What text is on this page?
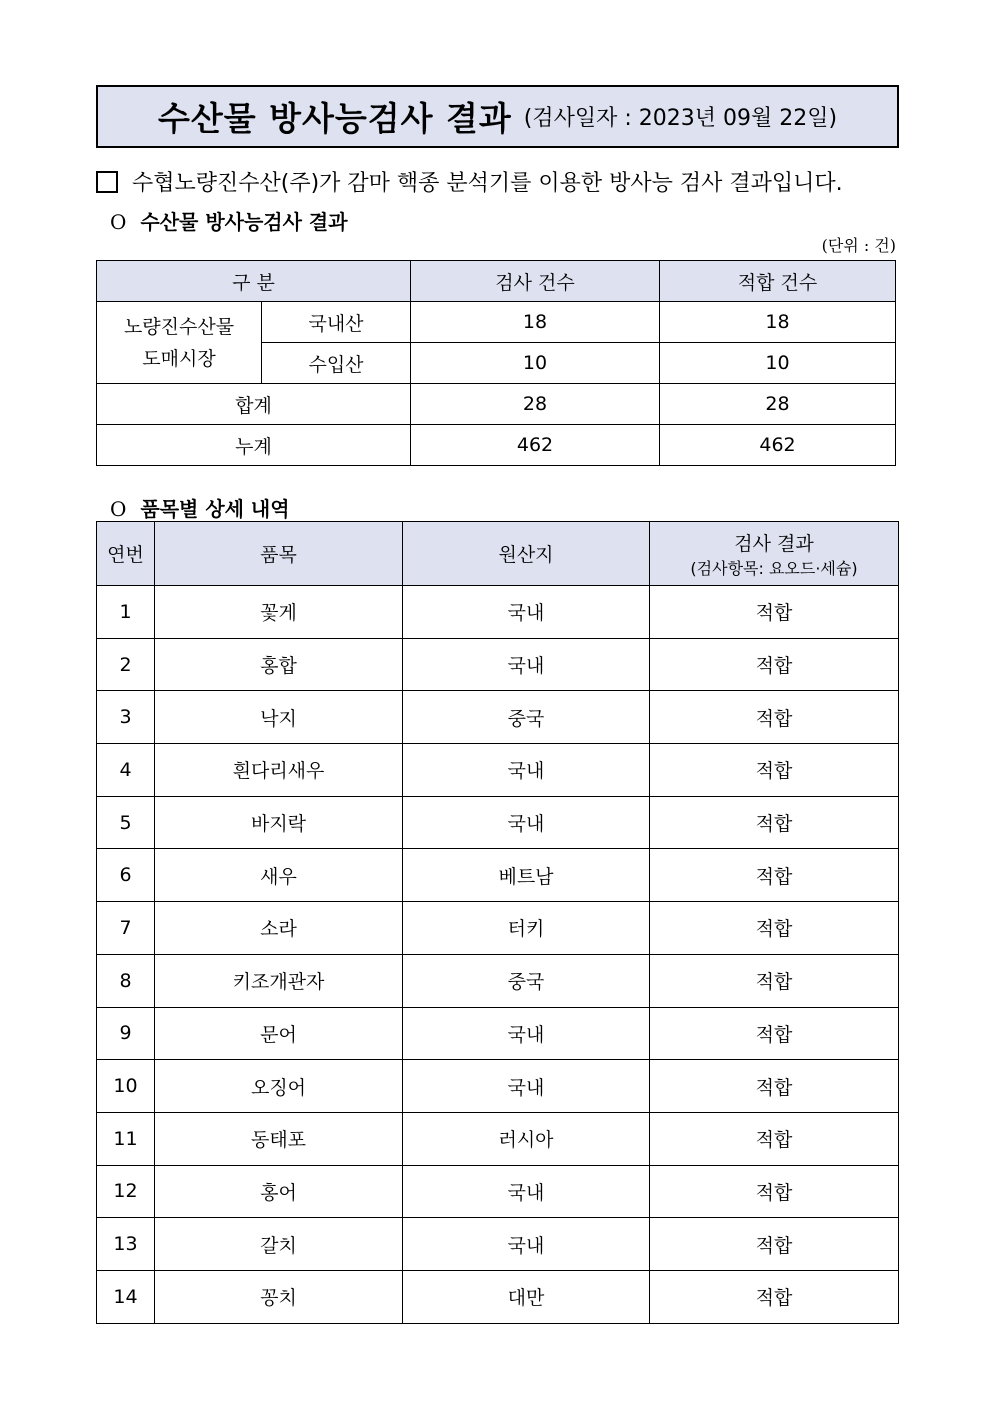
수산물 방사능검사 결과 (검사일자 : 2023년 09월 22일)
수협노량진수산(주)가 감마 핵종 분석기를 이용한 방사능 검사 결과입니다.
O 수산물 방사능검사 결과
(단위 : 건)
구 분		검사 건수	적합 건수

노량진수산물
도매시장	국내산	18	18
	수입산	10	10
합계		28	28
누계		462	462
O 품목별 상세 내역
연번	품목	원산지	검사 결과
(검사항목: 요오드·세슘)

1	꽃게	국내	적합
2	홍합	국내	적합
3	낙지	중국	적합
4	흰다리새우	국내	적합
5	바지락	국내	적합
6	새우	베트남	적합
7	소라	터키	적합
8	키조개관자	중국	적합
9	문어	국내	적합
10	오징어	국내	적합
11	동태포	러시아	적합
12	홍어	국내	적합
13	갈치	국내	적합
14	꽁치	대만	적합
